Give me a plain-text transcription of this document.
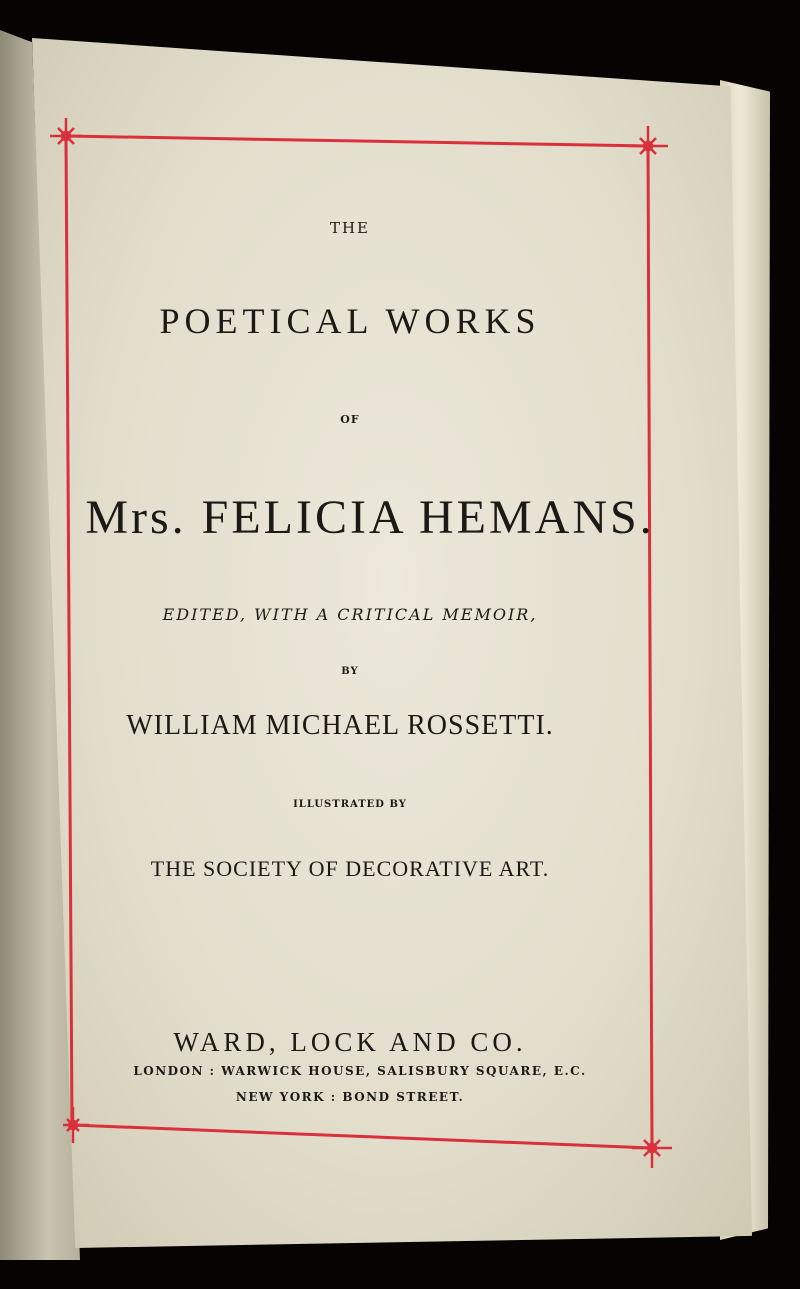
THE
POETICAL WORKS
OF
Mrs. FELICIA HEMANS.
EDITED, WITH A CRITICAL MEMOIR,
BY
WILLIAM MICHAEL ROSSETTI.
ILLUSTRATED BY
THE SOCIETY OF DECORATIVE ART.
WARD, LOCK AND CO.
LONDON : WARWICK HOUSE, SALISBURY SQUARE, E.C.
NEW YORK : BOND STREET.
